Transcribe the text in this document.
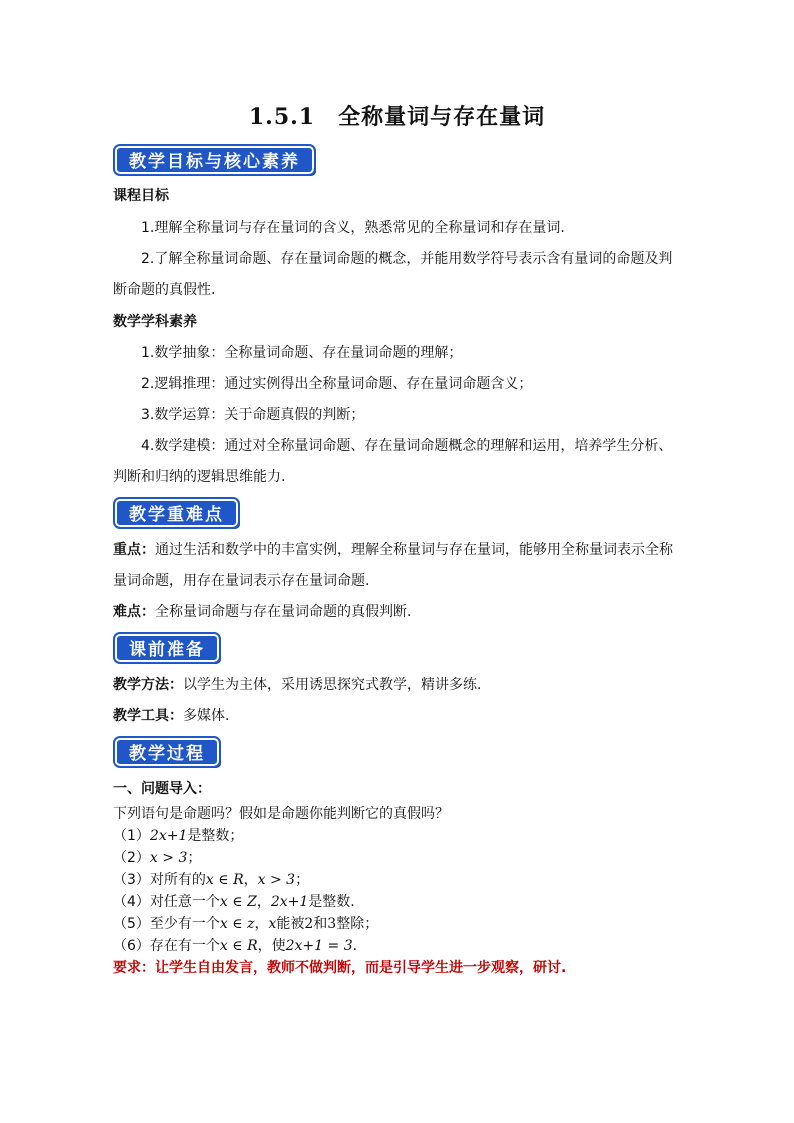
1.5.1　全称量词与存在量词
教学目标与核心素养
课程目标
1.理解全称量词与存在量词的含义，熟悉常见的全称量词和存在量词.
2.了解全称量词命题、存在量词命题的概念，并能用数学符号表示含有量词的命题及判
断命题的真假性.
数学学科素养
1.数学抽象：全称量词命题、存在量词命题的理解；
2.逻辑推理：通过实例得出全称量词命题、存在量词命题含义；
3.数学运算：关于命题真假的判断；
4.数学建模：通过对全称量词命题、存在量词命题概念的理解和运用，培养学生分析、
判断和归纳的逻辑思维能力.
教学重难点
重点：通过生活和数学中的丰富实例，理解全称量词与存在量词，能够用全称量词表示全称
量词命题，用存在量词表示存在量词命题.
难点：全称量词命题与存在量词命题的真假判断.
课前准备
教学方法：以学生为主体，采用诱思探究式教学，精讲多练.
教学工具：多媒体.
教学过程
一、问题导入：
下列语句是命题吗？假如是命题你能判断它的真假吗？
（1）2x+1是整数；
（2）x > 3；
（3）对所有的x ∈ R，x > 3；
（4）对任意一个x ∈ Z，2x+1是整数.
（5）至少有一个x ∈ z，x能被2和3整除；
（6）存在有一个x ∈ R，使2x+1 = 3.
要求：让学生自由发言，教师不做判断，而是引导学生进一步观察，研讨.
